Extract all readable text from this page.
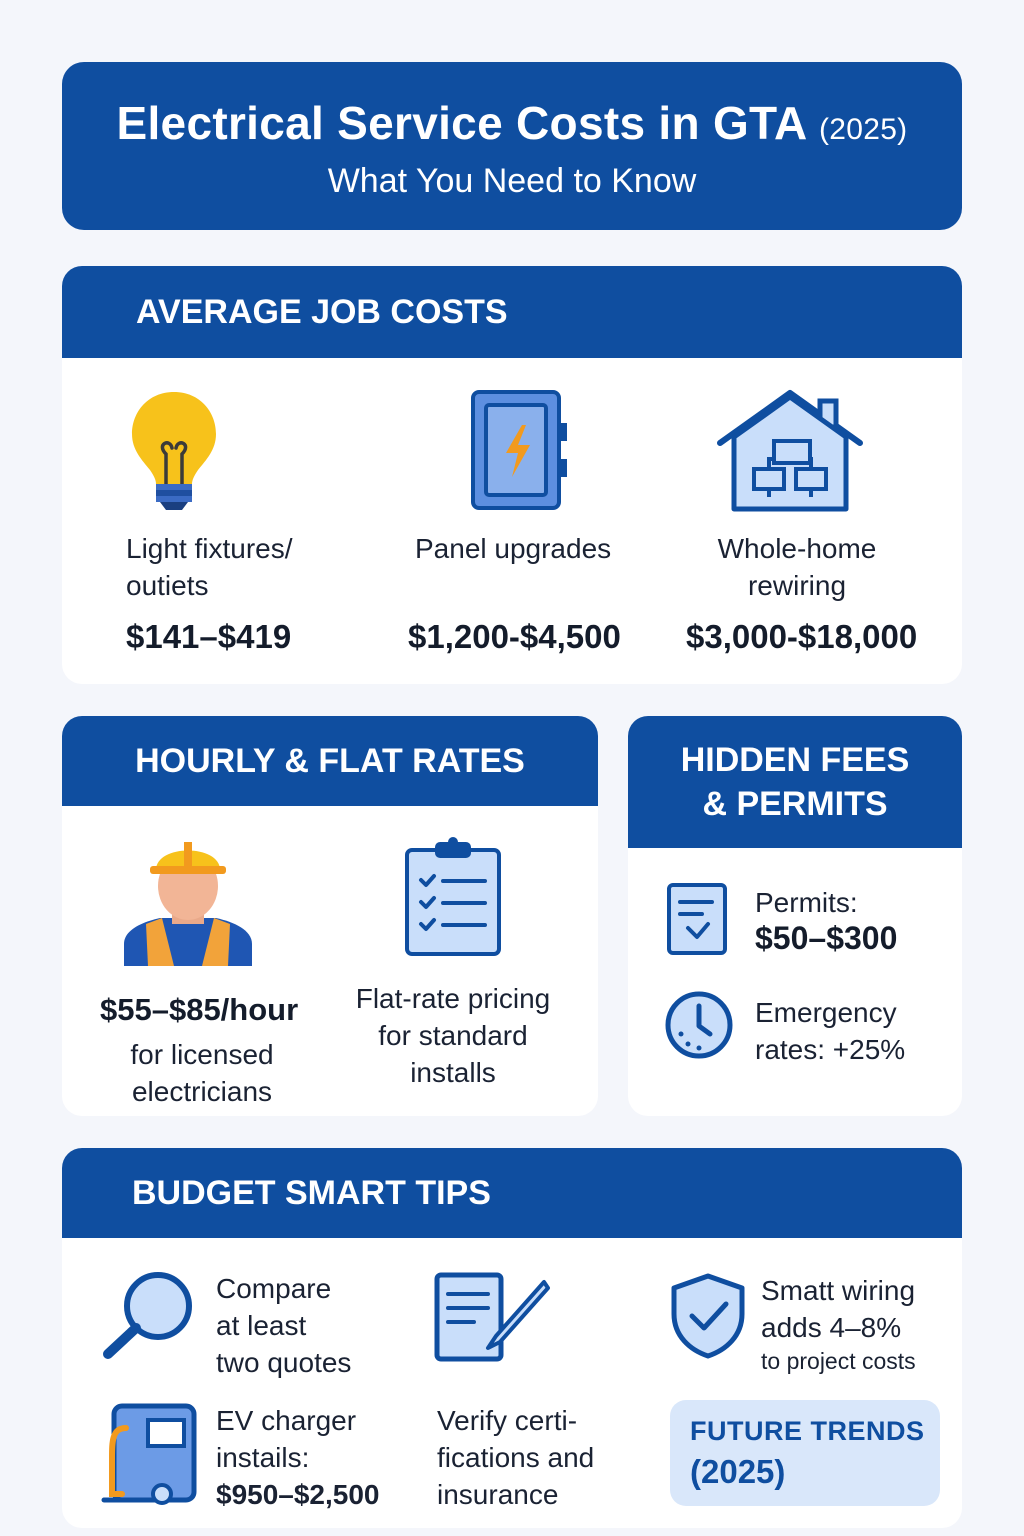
Electrical Service Costs in GTA (2025)
What You Need to Know
AVERAGE JOB COSTS
Light fixtures/
outiets
$141–$419
Panel upgrades
$1,200-$4,500
Whole-home
rewiring
$3,000-$18,000
HOURLY & FLAT RATES
$55–$85/hour
for licensed
electricians
Flat-rate pricing
for standard
installs
HIDDEN FEES
& PERMITS
Permits:
$50–$300
Emergency
rates: +25%
BUDGET SMART TIPS
Compare
at least
two quotes
Smatt wiring
adds 4–8%
to project costs
EV charger
instails:
$950–$2,500
Verify certi-
fications and
insurance
FUTURE TRENDS
(2025)
